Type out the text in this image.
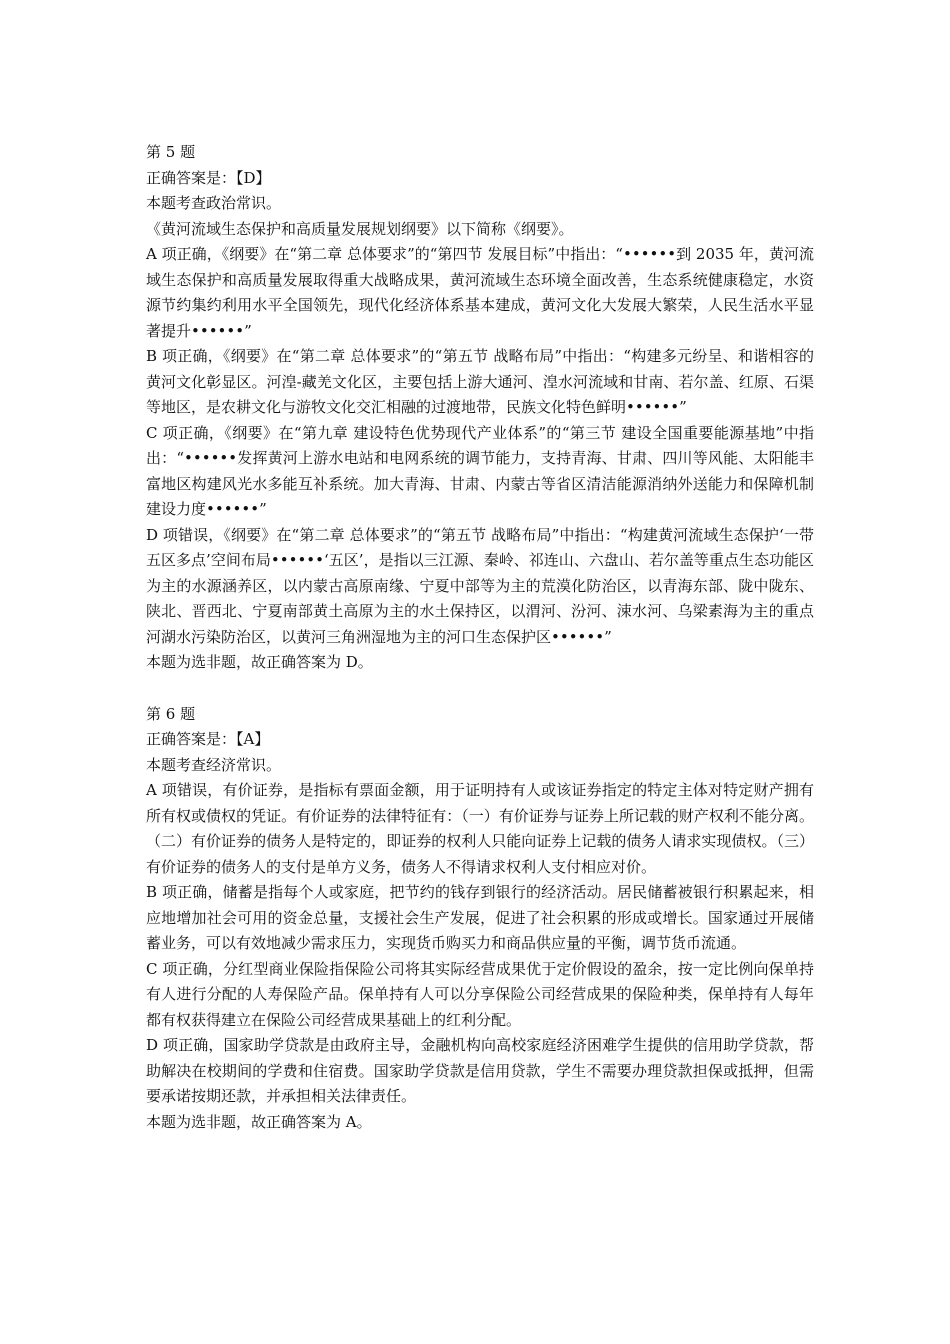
第 5 题

正确答案是：【D】

本题考查政治常识。

《黄河流域生态保护和高质量发展规划纲要》以下简称《纲要》。

A 项正确，《纲要》在“第二章 总体要求”的“第四节 发展目标”中指出：“••••••到 2035 年，黄河流域生态保护和高质量发展取得重大战略成果，黄河流域生态环境全面改善，生态系统健康稳定，水资源节约集约利用水平全国领先，现代化经济体系基本建成，黄河文化大发展大繁荣，人民生活水平显著提升••••••”

B 项正确，《纲要》在“第二章 总体要求”的“第五节 战略布局”中指出：“构建多元纷呈、和谐相容的黄河文化彰显区。河湟-藏羌文化区，主要包括上游大通河、湟水河流域和甘南、若尔盖、红原、石渠等地区，是农耕文化与游牧文化交汇相融的过渡地带，民族文化特色鲜明••••••”

C 项正确，《纲要》在“第九章 建设特色优势现代产业体系”的“第三节 建设全国重要能源基地”中指出：“••••••发挥黄河上游水电站和电网系统的调节能力，支持青海、甘肃、四川等风能、太阳能丰富地区构建风光水多能互补系统。加大青海、甘肃、内蒙古等省区清洁能源消纳外送能力和保障机制建设力度••••••”

D 项错误，《纲要》在“第二章 总体要求”的“第五节 战略布局”中指出：“构建黄河流域生态保护‘一带五区多点’空间布局••••••‘五区’，是指以三江源、秦岭、祁连山、六盘山、若尔盖等重点生态功能区为主的水源涵养区，以内蒙古高原南缘、宁夏中部等为主的荒漠化防治区，以青海东部、陇中陇东、陕北、晋西北、宁夏南部黄土高原为主的水土保持区，以渭河、汾河、涑水河、乌梁素海为主的重点河湖水污染防治区，以黄河三角洲湿地为主的河口生态保护区••••••”

本题为选非题，故正确答案为 D。

第 6 题

正确答案是：【A】

本题考查经济常识。

A 项错误，有价证券，是指标有票面金额，用于证明持有人或该证券指定的特定主体对特定财产拥有所有权或债权的凭证。有价证券的法律特征有：（一）有价证券与证券上所记载的财产权利不能分离。（二）有价证券的债务人是特定的，即证券的权利人只能向证券上记载的债务人请求实现债权。（三）有价证券的债务人的支付是单方义务，债务人不得请求权利人支付相应对价。

B 项正确，储蓄是指每个人或家庭，把节约的钱存到银行的经济活动。居民储蓄被银行积累起来，相应地增加社会可用的资金总量，支援社会生产发展，促进了社会积累的形成或增长。国家通过开展储蓄业务，可以有效地减少需求压力，实现货币购买力和商品供应量的平衡，调节货币流通。

C 项正确，分红型商业保险指保险公司将其实际经营成果优于定价假设的盈余，按一定比例向保单持有人进行分配的人寿保险产品。保单持有人可以分享保险公司经营成果的保险种类，保单持有人每年都有权获得建立在保险公司经营成果基础上的红利分配。

D 项正确，国家助学贷款是由政府主导，金融机构向高校家庭经济困难学生提供的信用助学贷款，帮助解决在校期间的学费和住宿费。国家助学贷款是信用贷款，学生不需要办理贷款担保或抵押，但需要承诺按期还款，并承担相关法律责任。

本题为选非题，故正确答案为 A。
